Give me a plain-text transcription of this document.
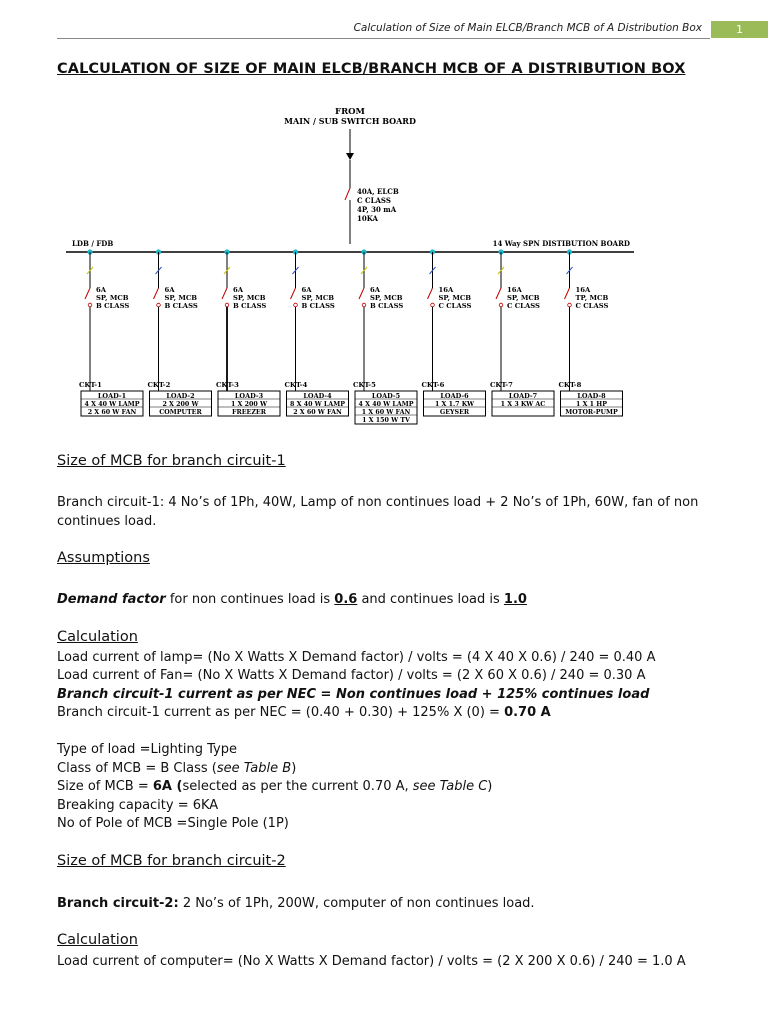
Calculation of Size of Main ELCB/Branch MCB of A Distribution Box	1
CALCULATION OF SIZE OF MAIN ELCB/BRANCH MCB OF A DISTRIBUTION BOX
FROM
MAIN / SUB SWITCH BOARD
40A, ELCB
C CLASS
4P, 30 mA
10KA
LDB / FDB	14 Way SPN DISTIBUTION BOARD
6A
SP, MCB
B CLASS
CKT-1
LOAD-1
4 X 40 W LAMP
2 X 60 W FAN
6A
SP, MCB
B CLASS
CKT-2
LOAD-2
2 X 200 W
COMPUTER
6A
SP, MCB
B CLASS
CKT-3
LOAD-3
1 X 200 W
FREEZER
6A
SP, MCB
B CLASS
CKT-4
LOAD-4
8 X 40 W LAMP
2 X 60 W FAN
6A
SP, MCB
B CLASS
CKT-5
LOAD-5
4 X 40 W LAMP
1 X 60 W FAN
1 X 150 W TV
16A
SP, MCB
C CLASS
CKT-6
LOAD-6
1 X 1.7 KW
GEYSER
16A
SP, MCB
C CLASS
CKT-7
LOAD-7
1 X 3 KW AC
16A
TP, MCB
C CLASS
CKT-8
LOAD-8
1 X 1 HP
MOTOR-PUMP
Size of MCB for branch circuit-1
Branch circuit-1: 4 No’s of 1Ph, 40W, Lamp of non continues load + 2 No’s of 1Ph, 60W, fan of non continues load.
Assumptions
Demand factor for non continues load is 0.6 and continues load is 1.0
Calculation
Load current of lamp= (No X Watts X Demand factor) / volts = (4 X 40 X 0.6) / 240 = 0.40 A
Load current of Fan= (No X Watts X Demand factor) / volts = (2 X 60 X 0.6) / 240 = 0.30 A
Branch circuit-1 current as per NEC = Non continues load + 125% continues load
Branch circuit-1 current as per NEC = (0.40 + 0.30) + 125% X (0) = 0.70 A
Type of load =Lighting Type
Class of MCB = B Class (see Table B)
Size of MCB = 6A (selected as per the current 0.70 A, see Table C)
Breaking capacity = 6KA
No of Pole of MCB =Single Pole (1P)
Size of MCB for branch circuit-2
Branch circuit-2: 2 No’s of 1Ph, 200W, computer of non continues load.
Calculation
Load current of computer= (No X Watts X Demand factor) / volts = (2 X 200 X 0.6) / 240 = 1.0 A
